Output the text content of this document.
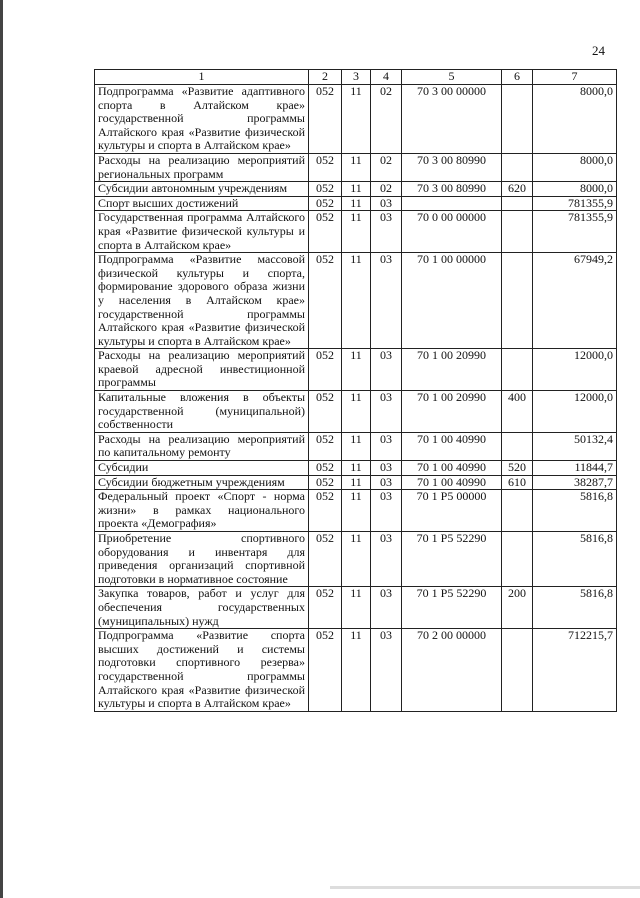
24
1	2	3	4	5	6	7
Подпрограмма «Развитие адаптивного спорта в Алтайском крае» государственной программы Алтайского края «Развитие физической культуры и спорта в Алтайском крае»	052	11	02	70 3 00 00000		8000,0
Расходы на реализацию мероприятий региональных программ	052	11	02	70 3 00 80990		8000,0
Субсидии автономным учреждениям	052	11	02	70 3 00 80990	620	8000,0
Спорт высших достижений	052	11	03			781355,9
Государственная программа Алтайского края «Развитие физической культуры и спорта в Алтайском крае»	052	11	03	70 0 00 00000		781355,9
Подпрограмма «Развитие массовой физической культуры и спорта, формирование здорового образа жизни у населения в Алтайском крае» государственной программы Алтайского края «Развитие физической культуры и спорта в Алтайском крае»	052	11	03	70 1 00 00000		67949,2
Расходы на реализацию мероприятий краевой адресной инвестиционной программы	052	11	03	70 1 00 20990		12000,0
Капитальные вложения в объекты государственной (муниципальной) собственности	052	11	03	70 1 00 20990	400	12000,0
Расходы на реализацию мероприятий по капитальному ремонту	052	11	03	70 1 00 40990		50132,4
Субсидии	052	11	03	70 1 00 40990	520	11844,7
Субсидии бюджетным учреждениям	052	11	03	70 1 00 40990	610	38287,7
Федеральный проект «Спорт - норма жизни» в рамках национального проекта «Демография»	052	11	03	70 1 P5 00000		5816,8
Приобретение спортивного оборудования и инвентаря для приведения организаций спортивной подготовки в нормативное состояние	052	11	03	70 1 P5 52290		5816,8
Закупка товаров, работ и услуг для обеспечения государственных (муниципальных) нужд	052	11	03	70 1 P5 52290	200	5816,8
Подпрограмма «Развитие спорта высших достижений и системы подготовки спортивного резерва» государственной программы Алтайского края «Развитие физической культуры и спорта в Алтайском крае»	052	11	03	70 2 00 00000		712215,7
